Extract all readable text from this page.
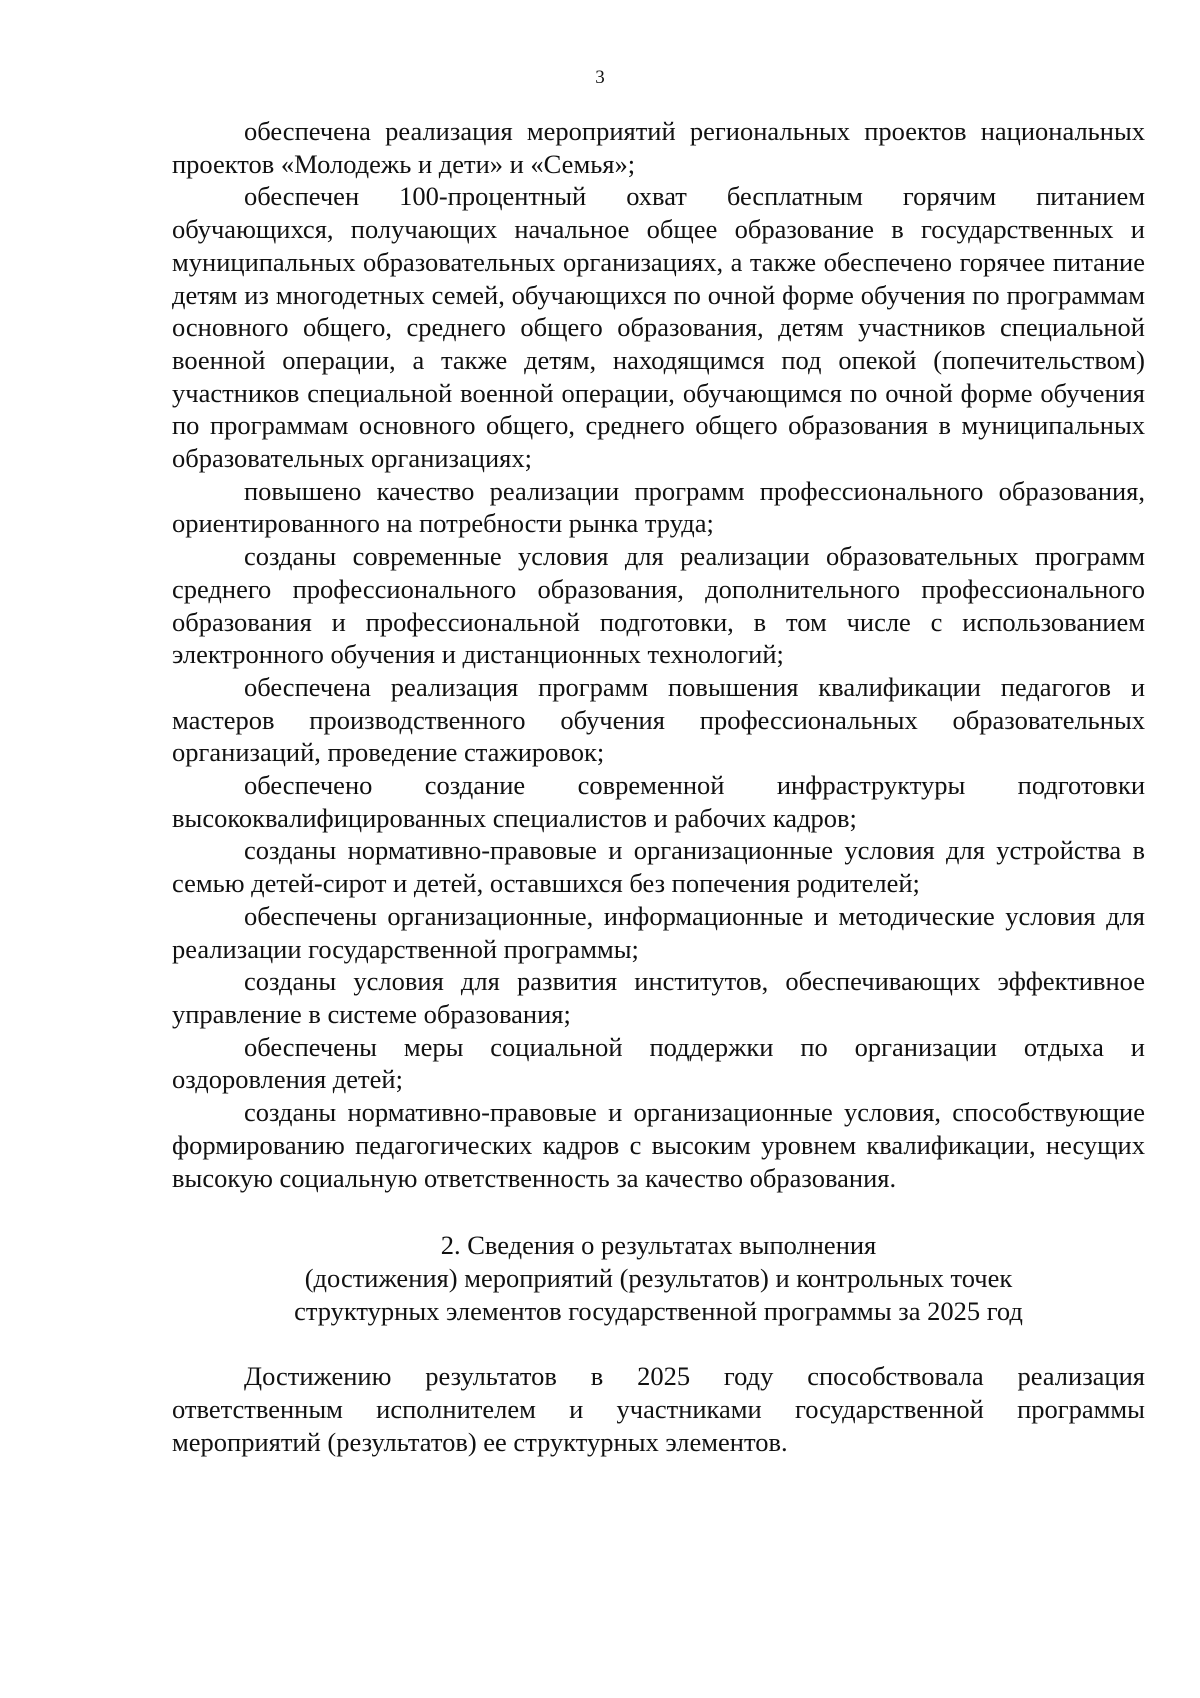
3

обеспечена реализация мероприятий региональных проектов национальных проектов «Молодежь и дети» и «Семья»;

обеспечен 100-процентный охват бесплатным горячим питанием обучающихся, получающих начальное общее образование в государственных и муниципальных образовательных организациях, а также обеспечено горячее питание детям из многодетных семей, обучающихся по очной форме обучения по программам основного общего, среднего общего образования, детям участников специальной военной операции, а также детям, находящимся под опекой (попечительством) участников специальной военной операции, обучающимся по очной форме обучения по программам основного общего, среднего общего образования в муниципальных образовательных организациях;

повышено качество реализации программ профессионального образования, ориентированного на потребности рынка труда;

созданы современные условия для реализации образовательных программ среднего профессионального образования, дополнительного профессионального образования и профессиональной подготовки, в том числе с использованием электронного обучения и дистанционных технологий;

обеспечена реализация программ повышения квалификации педагогов и мастеров производственного обучения профессиональных образовательных организаций, проведение стажировок;

обеспечено создание современной инфраструктуры подготовки высококвалифицированных специалистов и рабочих кадров;

созданы нормативно-правовые и организационные условия для устройства в семью детей-сирот и детей, оставшихся без попечения родителей;

обеспечены организационные, информационные и методические условия для реализации государственной программы;

созданы условия для развития институтов, обеспечивающих эффективное управление в системе образования;

обеспечены меры социальной поддержки по организации отдыха и оздоровления детей;

созданы нормативно-правовые и организационные условия, способствующие формированию педагогических кадров с высоким уровнем квалификации, несущих высокую социальную ответственность за качество образования.

2. Сведения о результатах выполнения
(достижения) мероприятий (результатов) и контрольных точек
структурных элементов государственной программы за 2025 год

Достижению результатов в 2025 году способствовала реализация ответственным исполнителем и участниками государственной программы мероприятий (результатов) ее структурных элементов.
